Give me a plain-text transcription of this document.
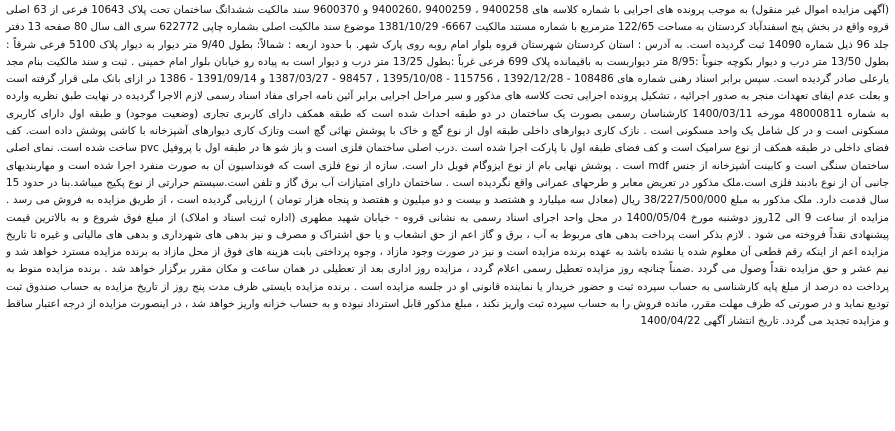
(آگهی مزایده اموال غیر منقول) به موجب پرونده های اجرایی با شماره کلاسه های 9400258 ، 9400259 ،9400260 و 9600370 سند مالکیت ششدانگ ساختمان تحت پلاک 10643 فرعی از 63 اصلی قروه واقع در بخش پنج اسفندآباد کردستان به مساحت 122/65 مترمربع با شماره مستند مالکیت 6667- 1381/10/29 موضوع سند مالکیت اصلی بشماره چاپی 622772 سری الف سال 80 صفحه 13 دفتر جلد 96 ذیل شماره 14090 ثبت گردیده است. به آدرس : استان کردستان شهرستان قروه بلوار امام روبه روی پارک شهر. با حدود اربعه : شمالاً: بطول 9/40 متر دیوار به دیوار پلاک 5100 فرعی شرقاً : بطول 13/50 متر درب و دیوار بکوچه جنوباً :8/95 متر دیواربست به باقیمانده پلاک 699 فرعی غرباً :بطول 13/25 متر درب و دیوار است به پیاده رو خیابان بلوار امام خمینی . ثبت و سند مالکیت بنام مجد یارعلی صادر گردیده است. سپس برابر اسناد رهنی شماره های 108486 - 1392/12/28 ، 115756 - 1395/10/08 ، 98457 - 1387/03/27 و 1391/09/14 - 1386 در ازای بانک ملی قرار گرفته است و بعلت عدم ایفای تعهدات منجر به صدور اجرائیه ، تشکیل پرونده اجرایی تحت کلاسه های مذکور و سیر مراحل اجرایی برابر آئین نامه اجرای مفاد اسناد رسمی لازم الاجرا گردیده در نهایت طبق نظریه وارده به شماره 48000811 مورخه 1400/03/11 کارشناسان رسمی بصورت یک ساختمان در دو طبقه احداث شده است که طبقه همکف دارای کاربری تجاری (وضعیت موجود) و طبقه اول دارای کاربری مسکونی است و در کل شامل یک واحد مسکونی است . نازک کاری دیوارهای داخلی طبقه اول از نوع گچ و خاک با پوشش نهائی گچ است وتازک کاری دیوارهای آشپزخانه با کاشی پوشش داده است. کف فضای داخلی در طبقه همکف از نوع سرامیک است و کف فضای طبقه اول با پارکت اجرا شده است .درب اصلی ساختمان فلزی است و باز شو ها در طبقه اول با پروفیل pvc ساخت شده است. نمای اصلی ساختمان سنگی است و کابینت آشپزخانه از جنس mdf است . پوشش نهایی بام از نوع ایزوگام فویل دار است. سازه از نوع فلزی است که فونداسیون آن به صورت منفرد اجرا شده است و مهاربندیهای جانبی آن از نوع بادبند فلزی است.ملک مذکور در تعریض معابر و طرحهای عمرانی واقع نگردیده است . ساختمان دارای امتیازات آب برق گاز و تلفن است.سیستم حرارتی از نوع پکیج میباشد.بنا در حدود 15 سال قدمت دارد. ملک مذکور به مبلغ 38/227/500/000 ریال (معادل سه میلیارد و هشتصد و بیست و دو میلیون و هفتصد و پنجاه هزار تومان ) ارزیابی گردیده است ، از طریق مزایده به فروش می رسد . مزایده از ساعت 9 الی 12روز دوشنبه مورخ 1400/05/04 در محل واحد اجرای اسناد رسمی به نشانی قروه - خیابان شهید مطهری (اداره ثبت اسناد و املاک) از مبلغ فوق شروع و به بالاترین قیمت پیشنهادی نقداً فروخته می شود . لازم بذکر است پرداخت بدهی های مربوط به آب ، برق و گاز اعم از حق انشعاب و یا حق اشتراک و مصرف و نیز بدهی های شهرداری و بدهی های مالیاتی و غیره تا تاریخ مزایده اعم از اینکه رقم قطعی آن معلوم شده یا نشده باشد به عهده برنده مزایده است و نیز در صورت وجود مازاد ، وجوه پرداختی بابت هزینه های فوق از محل مازاد به برنده مزایده مسترد خواهد شد و نیم عشر و حق مزایده نقداً وصول می گردد .ضمناً چنانچه روز مزایده تعطیل رسمی اعلام گردد ، مزایده روز اداری بعد از تعطیلی در همان ساعت و مکان مقرر برگزار خواهد شد . برنده مزایده منوط به پرداخت ده درصد از مبلغ پایه کارشناسی به حساب سپرده ثبت و حضور خریدار یا نماینده قانونی او در جلسه مزایده است . برنده مزایده بایستی ظرف مدت پنج روز از تاریخ مزایده به حساب صندوق ثبت تودیع نماید و در صورتی که ظرف مهلت مقرر، مانده فروش را به حساب سپرده ثبت واریز نکند ، مبلغ مذکور قابل استرداد نبوده و به حساب خزانه واریز خواهد شد ، در اینصورت مزایده از درجه اعتبار ساقط و مزایده تجدید می گردد. تاریخ انتشار آگهی 1400/04/22
